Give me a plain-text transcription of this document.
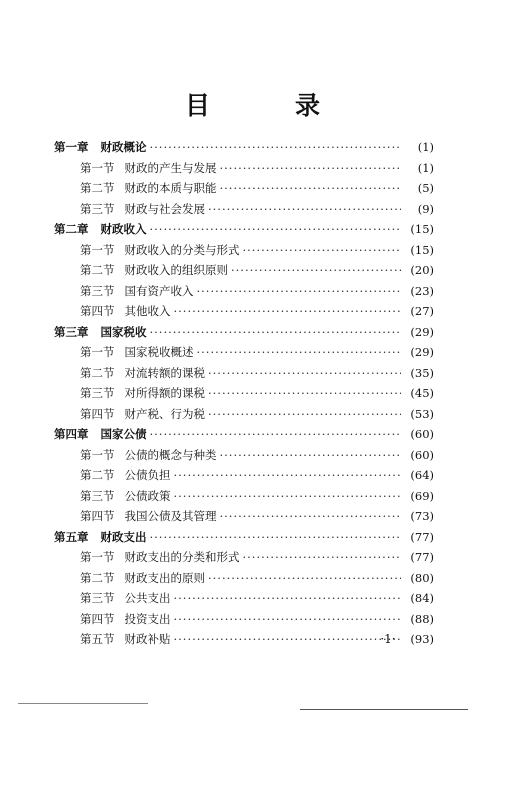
目　录
第一章 财政概论 ·····	(1)
第一节 财政的产生与发展 ·····	(1)
第二节 财政的本质与职能 ·····	(5)
第三节 财政与社会发展 ·····	(9)
第二章 财政收入 ·····	(15)
第一节 财政收入的分类与形式 ·····	(15)
第二节 财政收入的组织原则 ·····	(20)
第三节 国有资产收入 ·····	(23)
第四节 其他收入 ·····	(27)
第三章 国家税收 ·····	(29)
第一节 国家税收概述 ·····	(29)
第二节 对流转额的课税 ·····	(35)
第三节 对所得额的课税 ·····	(45)
第四节 财产税、行为税 ·····	(53)
第四章 国家公债 ·····	(60)
第一节 公债的概念与种类 ·····	(60)
第二节 公债负担 ·····	(64)
第三节 公债政策 ·····	(69)
第四节 我国公债及其管理 ·····	(73)
第五章 财政支出 ·····	(77)
第一节 财政支出的分类和形式 ·····	(77)
第二节 财政支出的原则 ·····	(80)
第三节 公共支出 ·····	(84)
第四节 投资支出 ·····	(88)
第五节 财政补贴 ·····	(93)
·1·
